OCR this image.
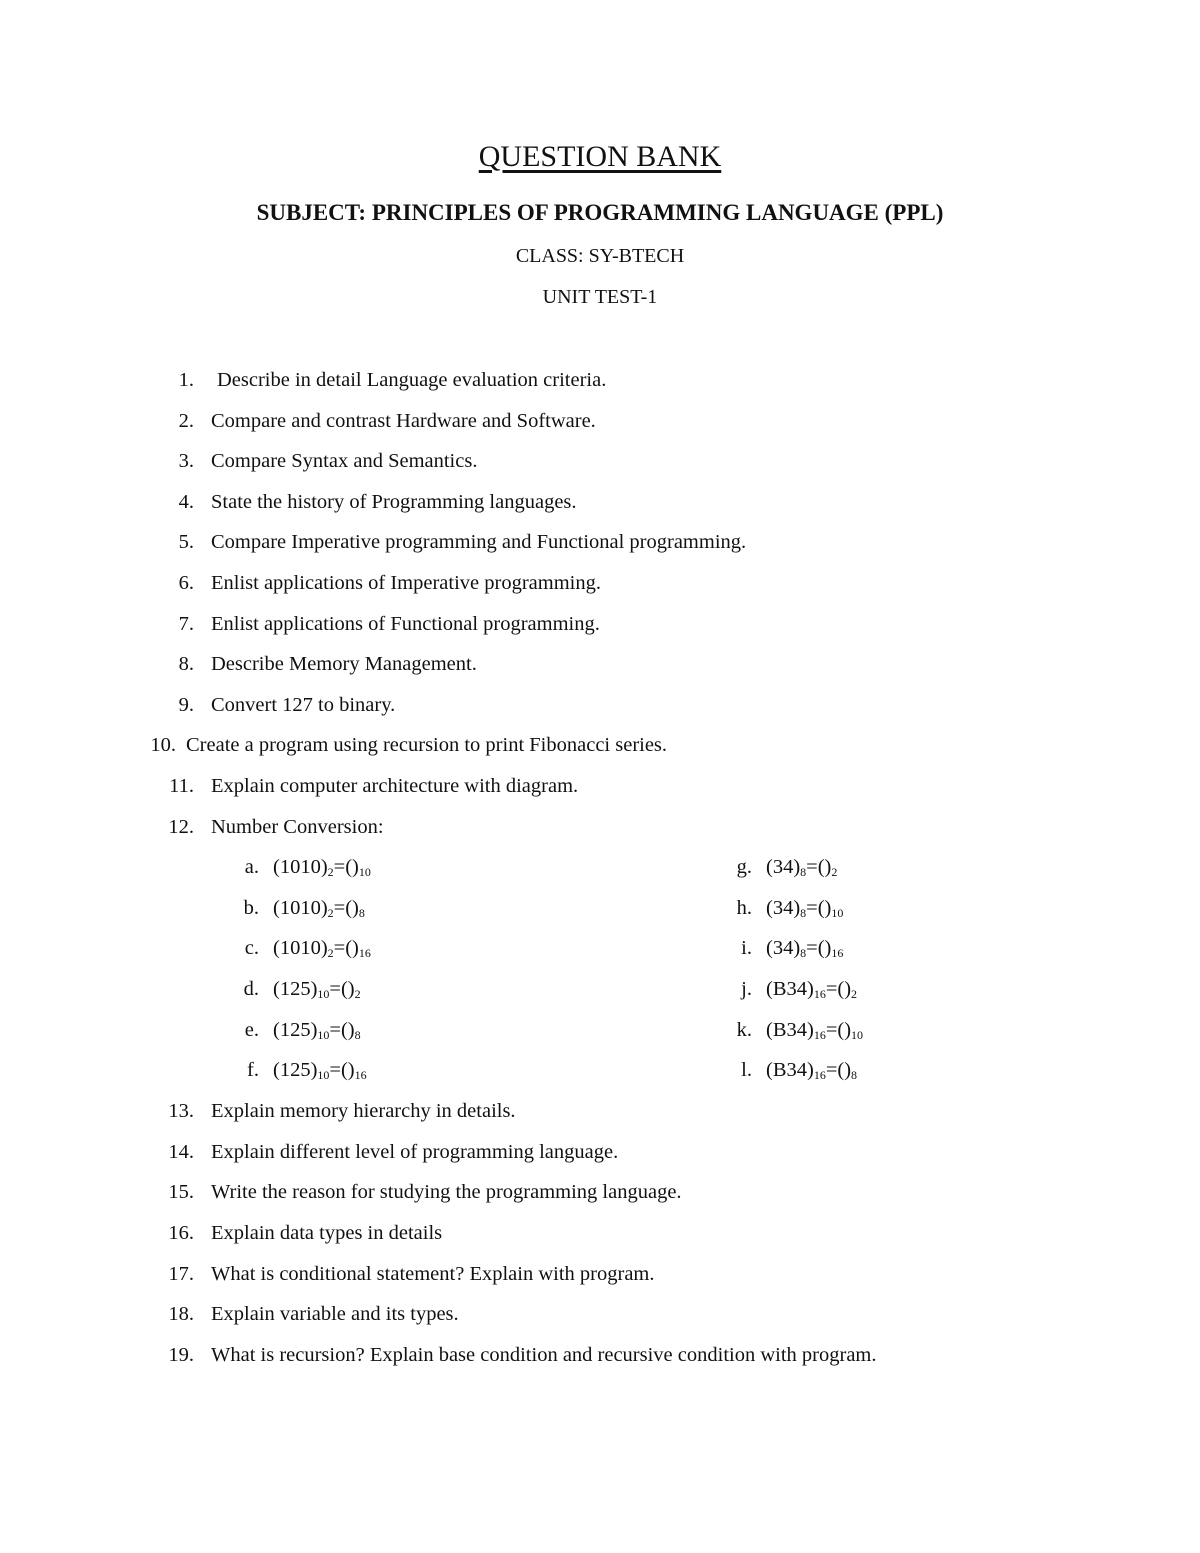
QUESTION BANK
SUBJECT: PRINCIPLES OF PROGRAMMING LANGUAGE (PPL)
CLASS: SY-BTECH
UNIT TEST-1
1. Describe in detail Language evaluation criteria.
2. Compare and contrast Hardware and Software.
3. Compare Syntax and Semantics.
4. State the history of Programming languages.
5. Compare Imperative programming and Functional programming.
6. Enlist applications of Imperative programming.
7. Enlist applications of Functional programming.
8. Describe Memory Management.
9. Convert 127 to binary.
10. Create a program using recursion to print Fibonacci series.
11. Explain computer architecture with diagram.
12. Number Conversion:
a. $(1010)_2=()_{10}$
b. $(1010)_2=()_8$
c. $(1010)_2=()_{16}$
d. $(125)_{10}=()_2$
e. $(125)_{10}=()_8$
f. $(125)_{10}=()_{16}$
g. $(34)_8=()_2$
h. $(34)_8=()_{10}$
i. $(34)_8=()_{16}$
j. $(B34)_{16}=()_2$
k. $(B34)_{16}=()_{10}$
l. $(B34)_{16}=()_8$
13. Explain memory hierarchy in details.
14. Explain different level of programming language.
15. Write the reason for studying the programming language.
16. Explain data types in details
17. What is conditional statement? Explain with program.
18. Explain variable and its types.
19. What is recursion? Explain base condition and recursive condition with program.
